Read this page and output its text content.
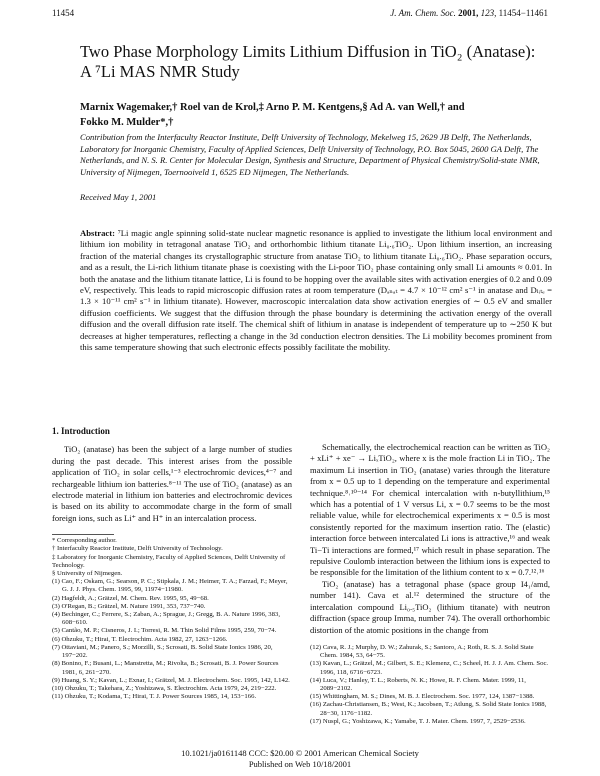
11454	J. Am. Chem. Soc. 2001, 123, 11454−11461
Two Phase Morphology Limits Lithium Diffusion in TiO₂ (Anatase):
A ⁷Li MAS NMR Study
Marnix Wagemaker,† Roel van de Krol,‡ Arno P. M. Kentgens,§ Ad A. van Well,† and
Fokko M. Mulder*,†
Contribution from the Interfaculty Reactor Institute, Delft University of Technology, Mekelweg 15, 2629 JB Delft, The Netherlands, Laboratory for Inorganic Chemistry, Faculty of Applied Sciences, Delft University of Technology, P.O. Box 5045, 2600 GA Delft, The Netherlands, and N. S. R. Center for Molecular Design, Synthesis and Structure, Department of Physical Chemistry/Solid-state NMR, University of Nijmegen, Toernooiveld 1, 6525 ED Nijmegen, The Netherlands.
Received May 1, 2001
Abstract: ⁷Li magic angle spinning solid-state nuclear magnetic resonance is applied to investigate the lithium local environment and lithium ion mobility in tetragonal anatase TiO₂ and orthorhombic lithium titanate Li₀.₆TiO₂. Upon lithium insertion, an increasing fraction of the material changes its crystallographic structure from anatase TiO₂ to lithium titanate Li₀.₆TiO₂. Phase separation occurs, and as a result, the Li-rich lithium titanate phase is coexisting with the Li-poor TiO₂ phase containing only small Li amounts ≈ 0.01. In both the anatase and the lithium titanate lattice, Li is found to be hopping over the available sites with activation energies of 0.2 and 0.09 eV, respectively. This leads to rapid microscopic diffusion rates at room temperature (Dₐₙₐₜ = 4.7 × 10⁻¹² cm² s⁻¹ in anatase and Dₗᵢₜₑ = 1.3 × 10⁻¹¹ cm² s⁻¹ in lithium titanate). However, macroscopic intercalation data show activation energies of ∼ 0.5 eV and smaller diffusion coefficients. We suggest that the diffusion through the phase boundary is determining the activation energy of the overall diffusion and the overall diffusion rate itself. The chemical shift of lithium in anatase is independent of temperature up to ∼250 K but decreases at higher temperatures, reflecting a change in the 3d conduction electron densities. The Li mobility becomes prominent from this same temperature showing that such electronic effects possibly facilitate the mobility.
1. Introduction

TiO₂ (anatase) has been the subject of a large number of studies during the past decade. This interest arises from the possible application of TiO₂ in solar cells,¹⁻³ electrochromic devices,⁴⁻⁷ and rechargeable lithium ion batteries.⁸⁻¹¹ The use of TiO₂ (anatase) as an electrode material in lithium ion batteries and electrochromic devices is based on its ability to accommodate charge in the form of small foreign ions, such as Li⁺ and H⁺ in an intercalation process.

* Corresponding author.

† Interfaculty Reactor Institute, Delft University of Technology.

‡ Laboratory for Inorganic Chemistry, Faculty of Applied Sciences, Delft University of Technology.

§ University of Nijmegen.

(1) Cao, F.; Oskam, G.; Searson, P. C.; Stipkala, J. M.; Heimer, T. A.; Farzad, F.; Meyer, G. J. J. Phys. Chem. 1995, 99, 11974−11980.

(2) Hagfeldt, A.; Grätzel, M. Chem. Rev. 1995, 95, 49−68.

(3) O'Regan, B.; Grätzel, M. Nature 1991, 353, 737−740.

(4) Bechinger, C.; Ferrere, S.; Zaban, A.; Sprague, J.; Gregg, B. A. Nature 1996, 383, 608−610.

(5) Cantão, M. P.; Cisneros, J. I.; Torresi, R. M. Thin Solid Films 1995, 259, 70−74.

(6) Ohzuku, T.; Hirai, T. Electrochim. Acta 1982, 27, 1263−1266.

(7) Ottaviani, M.; Panero, S.; Morzilli, S.; Scrosati, B. Solid State Ionics 1986, 20, 197−202.

(8) Bonino, F.; Busani, L.; Manstretta, M.; Rivolta, B.; Scrosati, B. J. Power Sources 1981, 6, 261−270.

(9) Huang, S. Y.; Kavan, L.; Exnar, I.; Grätzel, M. J. Electrochem. Soc. 1995, 142, L142.

(10) Ohzuku, T.; Takehara, Z.; Yoshizawa, S. Electrochim. Acta 1979, 24, 219−222.

(11) Ohzuku, T.; Kodama, T.; Hirai, T. J. Power Sources 1985, 14, 153−166.

Schematically, the electrochemical reaction can be written as TiO₂ + xLi⁺ + xe⁻ → LiₓTiO₂, where x is the mole fraction Li in TiO₂. The maximum Li insertion in TiO₂ (anatase) varies through the literature from x = 0.5 up to 1 depending on the temperature and experimental technique.⁸˒¹⁰⁻¹⁴ For chemical intercalation with n-butyllithium,¹⁵ which has a potential of 1 V versus Li, x = 0.7 seems to be the most reliable value, while for electrochemical experiments x = 0.5 is most consistently reported for the maximum insertion ratio. The (elastic) interaction force between intercalated Li ions is attractive,¹⁶ and weak Ti−Ti interactions are formed,¹⁷ which result in phase separation. The repulsive Coulomb interaction between the lithium ions is expected to be responsible for the limitation of the lithium content to x = 0.7.¹²˒¹⁶

TiO₂ (anatase) has a tetragonal phase (space group I4₁/amd, number 141). Cava et al.¹² determined the structure of the intercalation compound Li₀.₅TiO₂ (lithium titanate) with neutron diffraction (space group Imma, number 74). The overall orthorhombic distortion of the atomic positions in the change from

(12) Cava, R. J.; Murphy, D. W.; Zahurak, S.; Santoro, A.; Roth, R. S. J. Solid State Chem. 1984, 53, 64−75.

(13) Kavan, L.; Grätzel, M.; Gilbert, S. E.; Klemenz, C.; Scheel, H. J. J. Am. Chem. Soc. 1996, 118, 6716−6723.

(14) Luca, V.; Hanley, T. L.; Roberts, N. K.; Howe, R. F. Chem. Mater. 1999, 11, 2089−2102.

(15) Whittingham, M. S.; Dines, M. B. J. Electrochem. Soc. 1977, 124, 1387−1388.

(16) Zachau-Christiansen, B.; West, K.; Jacobsen, T.; Atlung, S. Solid State Ionics 1988, 28−30, 1176−1182.

(17) Nuspl, G.; Yoshizawa, K.; Yamabe, T. J. Mater. Chem. 1997, 7, 2529−2536.

10.1021/ja0161148 CCC: $20.00 © 2001 American Chemical Society
Published on Web 10/18/2001
